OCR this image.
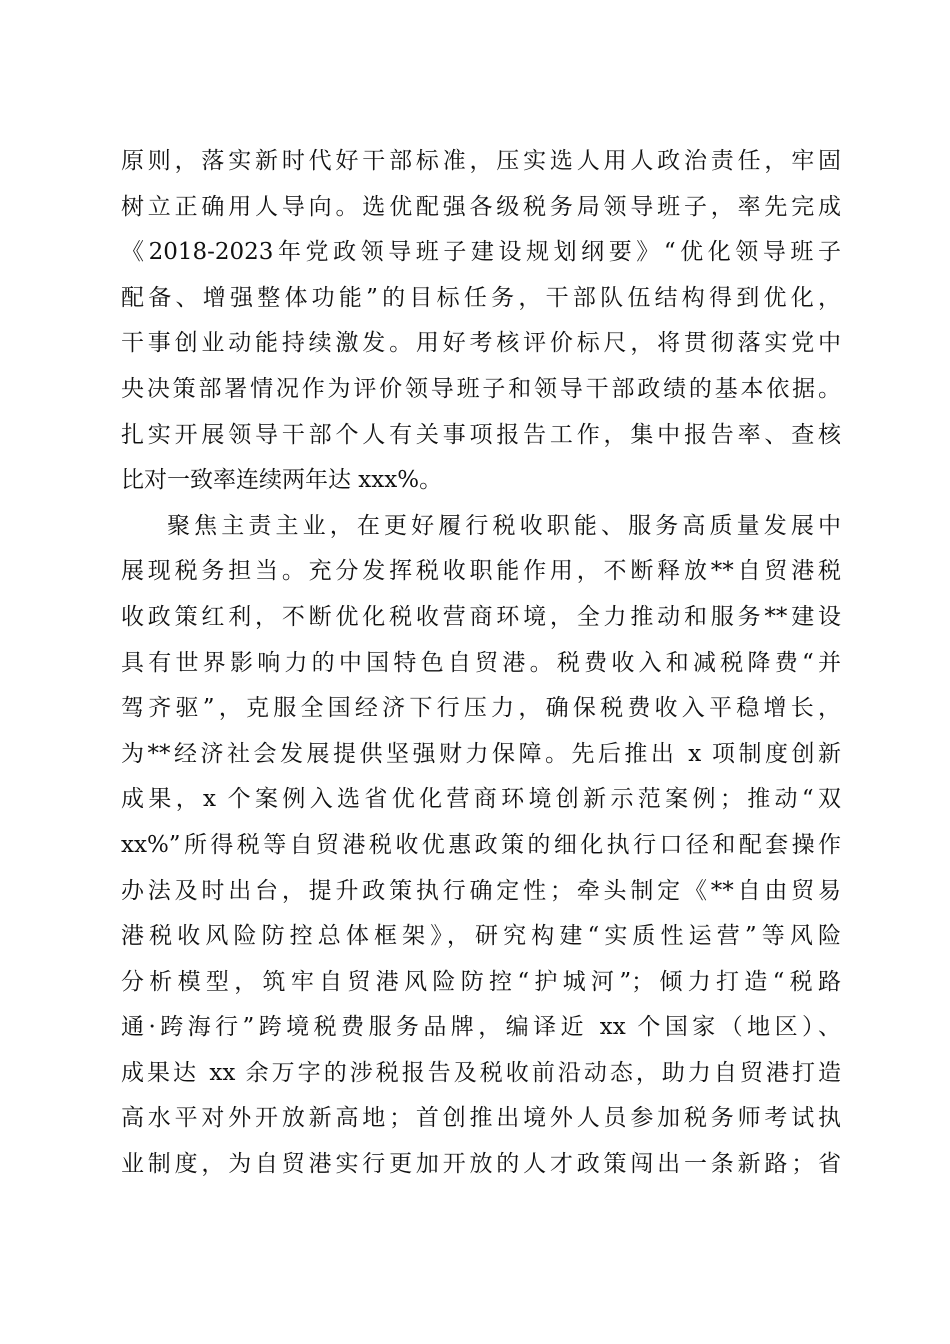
原则，落实新时代好干部标准，压实选人用人政治责任，牢固
树立正确用人导向。选优配强各级税务局领导班子，率先完成
《2018-2023年党政领导班子建设规划纲要》“优化领导班子
配备、增强整体功能”的目标任务，干部队伍结构得到优化，
干事创业动能持续激发。用好考核评价标尺，将贯彻落实党中
央决策部署情况作为评价领导班子和领导干部政绩的基本依据。
扎实开展领导干部个人有关事项报告工作，集中报告率、查核
比对一致率连续两年达 xxx%。
聚焦主责主业，在更好履行税收职能、服务高质量发展中
展现税务担当。充分发挥税收职能作用，不断释放**自贸港税
收政策红利，不断优化税收营商环境，全力推动和服务**建设
具有世界影响力的中国特色自贸港。税费收入和减税降费“并
驾齐驱”，克服全国经济下行压力，确保税费收入平稳增长，
为**经济社会发展提供坚强财力保障。先后推出 x 项制度创新
成果，x 个案例入选省优化营商环境创新示范案例；推动“双
xx%”所得税等自贸港税收优惠政策的细化执行口径和配套操作
办法及时出台，提升政策执行确定性；牵头制定《**自由贸易
港税收风险防控总体框架》，研究构建“实质性运营”等风险
分析模型，筑牢自贸港风险防控“护城河”；倾力打造“税路
通·跨海行”跨境税费服务品牌，编译近 xx 个国家（地区）、
成果达 xx 余万字的涉税报告及税收前沿动态，助力自贸港打造
高水平对外开放新高地；首创推出境外人员参加税务师考试执
业制度，为自贸港实行更加开放的人才政策闯出一条新路；省
